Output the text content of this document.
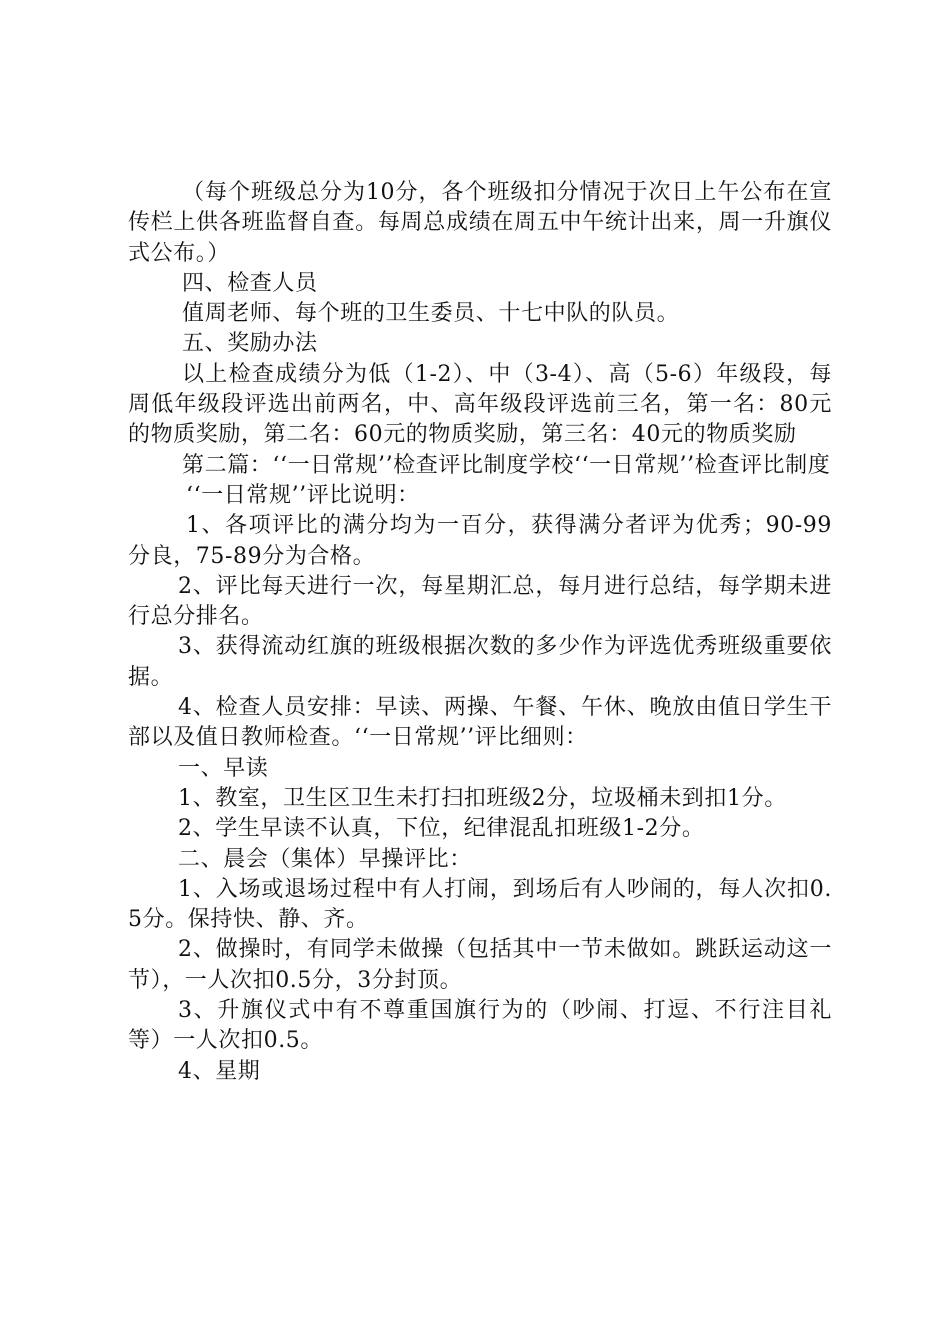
（每个班级总分为10分，各个班级扣分情况于次日上午公布在宣传栏上供各班监督自查。每周总成绩在周五中午统计出来，周一升旗仪式公布。）

四、检查人员

值周老师、每个班的卫生委员、十七中队的队员。

五、奖励办法

以上检查成绩分为低（1-2）、中（3-4）、高（5-6）年级段，每周低年级段评选出前两名，中、高年级段评选前三名，第一名：80元的物质奖励，第二名：60元的物质奖励，第三名：40元的物质奖励

第二篇：‘‘一日常规’’检查评比制度学校‘‘一日常规’’检查评比制度

‘‘一日常规’’评比说明：

1、各项评比的满分均为一百分，获得满分者评为优秀；90-99分良，75-89分为合格。

2、评比每天进行一次，每星期汇总，每月进行总结，每学期未进行总分排名。

3、获得流动红旗的班级根据次数的多少作为评选优秀班级重要依据。

4、检查人员安排：早读、两操、午餐、午休、晚放由值日学生干部以及值日教师检查。‘‘一日常规’’评比细则：

一、早读

1、教室，卫生区卫生未打扫扣班级2分，垃圾桶未到扣1分。

2、学生早读不认真，下位，纪律混乱扣班级1-2分。

二、晨会（集体）早操评比：

1、入场或退场过程中有人打闹，到场后有人吵闹的，每人次扣0.5分。保持快、静、齐。

2、做操时，有同学未做操（包括其中一节未做如。跳跃运动这一节），一人次扣0.5分，3分封顶。

3、升旗仪式中有不尊重国旗行为的（吵闹、打逗、不行注目礼等）一人次扣0.5。

4、星期
